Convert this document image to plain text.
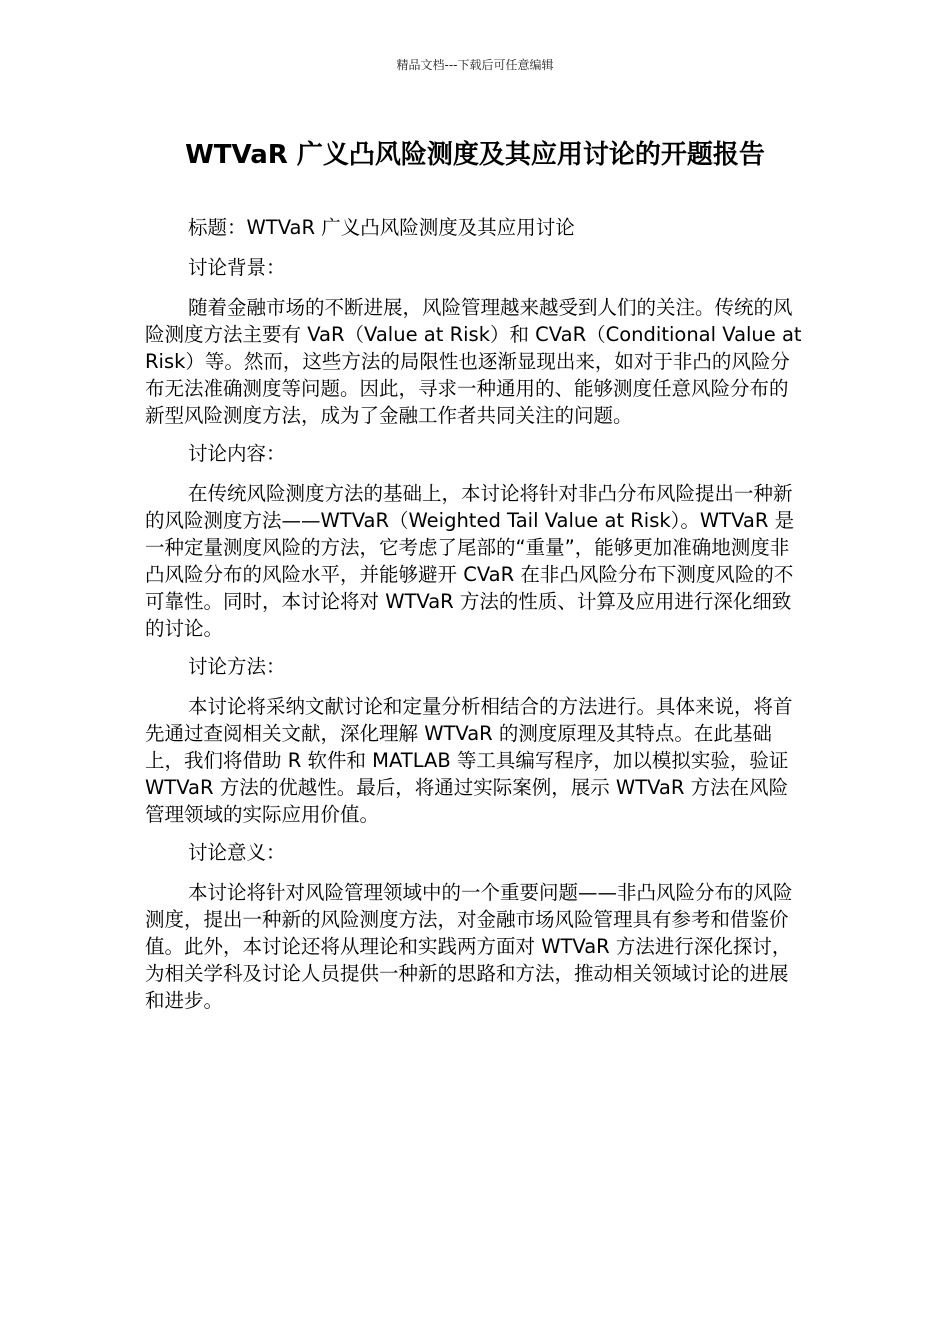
精品文档---下载后可任意编辑
WTVaR 广义凸风险测度及其应用讨论的开题报告

标题：WTVaR 广义凸风险测度及其应用讨论

讨论背景：

随着金融市场的不断进展，风险管理越来越受到人们的关注。传统的风险测度方法主要有 VaR（Value at Risk）和 CVaR（Conditional Value at Risk）等。然而，这些方法的局限性也逐渐显现出来，如对于非凸的风险分布无法准确测度等问题。因此，寻求一种通用的、能够测度任意风险分布的新型风险测度方法，成为了金融工作者共同关注的问题。

讨论内容：

在传统风险测度方法的基础上，本讨论将针对非凸分布风险提出一种新的风险测度方法——WTVaR（Weighted Tail Value at Risk）。WTVaR 是一种定量测度风险的方法，它考虑了尾部的“重量”，能够更加准确地测度非凸风险分布的风险水平，并能够避开 CVaR 在非凸风险分布下测度风险的不可靠性。同时，本讨论将对 WTVaR 方法的性质、计算及应用进行深化细致的讨论。

讨论方法：

本讨论将采纳文献讨论和定量分析相结合的方法进行。具体来说，将首先通过查阅相关文献，深化理解 WTVaR 的测度原理及其特点。在此基础上，我们将借助 R 软件和 MATLAB 等工具编写程序，加以模拟实验，验证 WTVaR 方法的优越性。最后，将通过实际案例，展示 WTVaR 方法在风险管理领域的实际应用价值。

讨论意义：

本讨论将针对风险管理领域中的一个重要问题——非凸风险分布的风险测度，提出一种新的风险测度方法，对金融市场风险管理具有参考和借鉴价值。此外，本讨论还将从理论和实践两方面对 WTVaR 方法进行深化探讨，为相关学科及讨论人员提供一种新的思路和方法，推动相关领域讨论的进展和进步。
